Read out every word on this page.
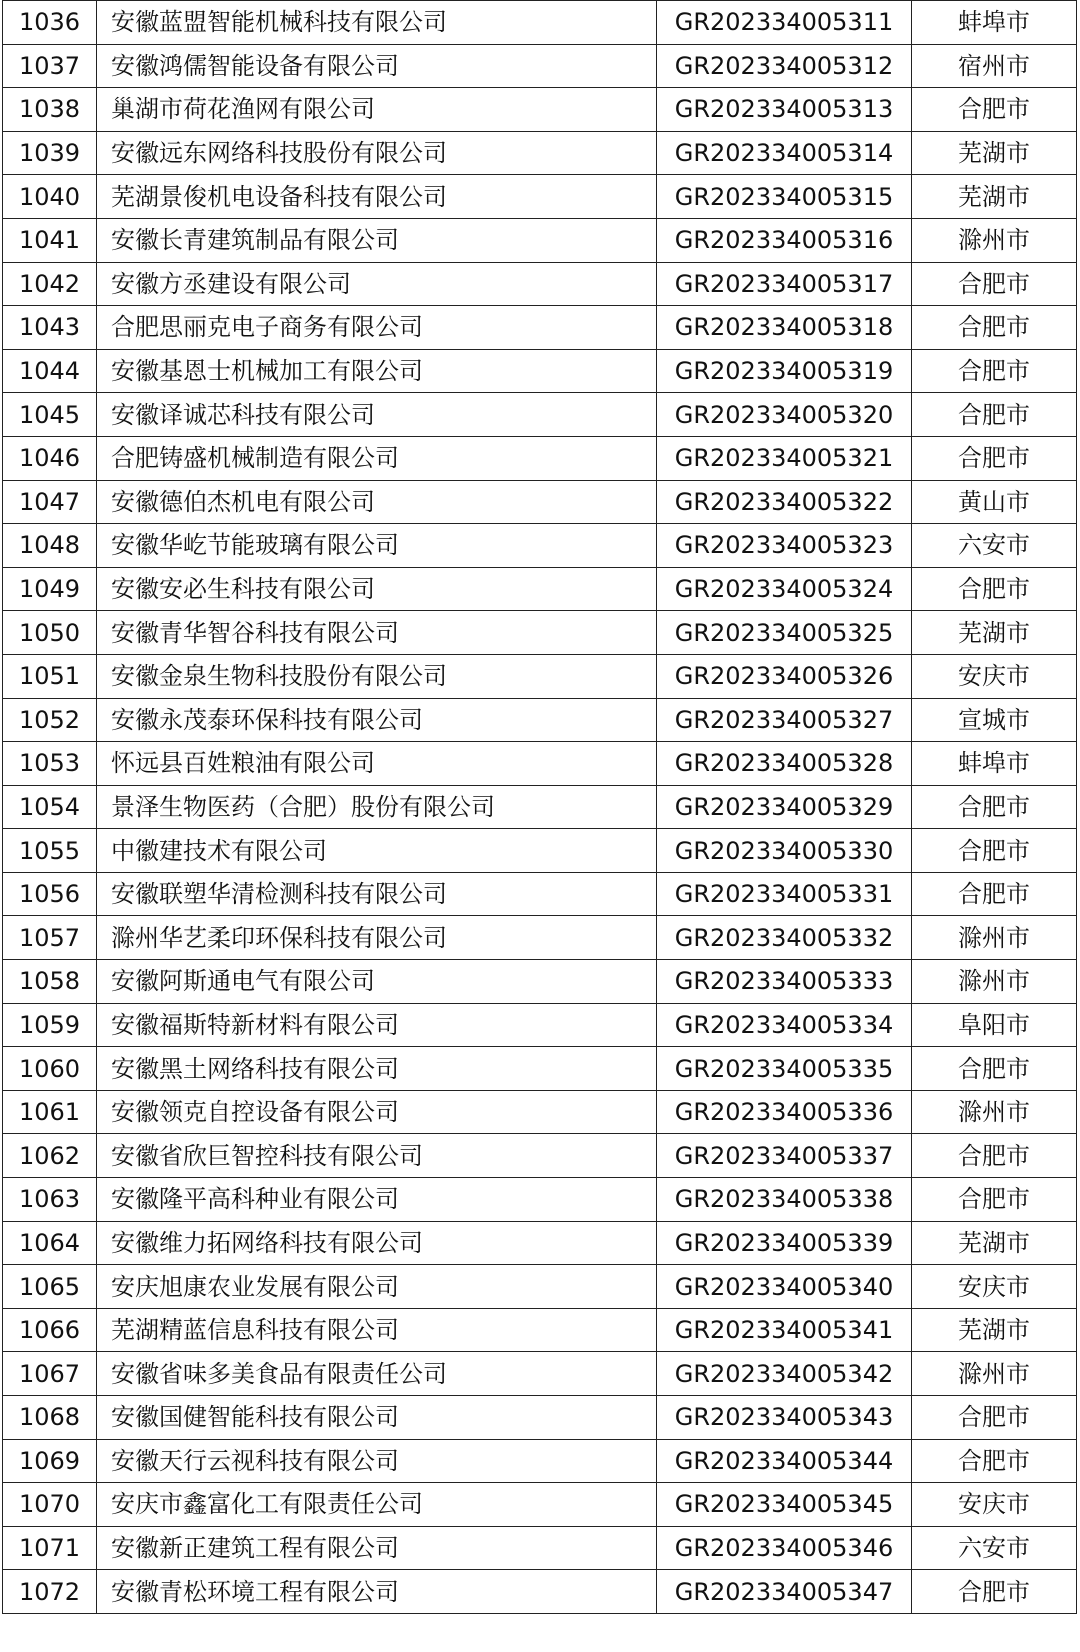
1036	安徽蓝盟智能机械科技有限公司	GR202334005311	蚌埠市
1037	安徽鸿儒智能设备有限公司	GR202334005312	宿州市
1038	巢湖市荷花渔网有限公司	GR202334005313	合肥市
1039	安徽远东网络科技股份有限公司	GR202334005314	芜湖市
1040	芜湖景俊机电设备科技有限公司	GR202334005315	芜湖市
1041	安徽长青建筑制品有限公司	GR202334005316	滁州市
1042	安徽方丞建设有限公司	GR202334005317	合肥市
1043	合肥思丽克电子商务有限公司	GR202334005318	合肥市
1044	安徽基恩士机械加工有限公司	GR202334005319	合肥市
1045	安徽译诚芯科技有限公司	GR202334005320	合肥市
1046	合肥铸盛机械制造有限公司	GR202334005321	合肥市
1047	安徽德伯杰机电有限公司	GR202334005322	黄山市
1048	安徽华屹节能玻璃有限公司	GR202334005323	六安市
1049	安徽安必生科技有限公司	GR202334005324	合肥市
1050	安徽青华智谷科技有限公司	GR202334005325	芜湖市
1051	安徽金泉生物科技股份有限公司	GR202334005326	安庆市
1052	安徽永茂泰环保科技有限公司	GR202334005327	宣城市
1053	怀远县百姓粮油有限公司	GR202334005328	蚌埠市
1054	景泽生物医药（合肥）股份有限公司	GR202334005329	合肥市
1055	中徽建技术有限公司	GR202334005330	合肥市
1056	安徽联塑华清检测科技有限公司	GR202334005331	合肥市
1057	滁州华艺柔印环保科技有限公司	GR202334005332	滁州市
1058	安徽阿斯通电气有限公司	GR202334005333	滁州市
1059	安徽福斯特新材料有限公司	GR202334005334	阜阳市
1060	安徽黑土网络科技有限公司	GR202334005335	合肥市
1061	安徽领克自控设备有限公司	GR202334005336	滁州市
1062	安徽省欣巨智控科技有限公司	GR202334005337	合肥市
1063	安徽隆平高科种业有限公司	GR202334005338	合肥市
1064	安徽维力拓网络科技有限公司	GR202334005339	芜湖市
1065	安庆旭康农业发展有限公司	GR202334005340	安庆市
1066	芜湖精蓝信息科技有限公司	GR202334005341	芜湖市
1067	安徽省味多美食品有限责任公司	GR202334005342	滁州市
1068	安徽国健智能科技有限公司	GR202334005343	合肥市
1069	安徽天行云视科技有限公司	GR202334005344	合肥市
1070	安庆市鑫富化工有限责任公司	GR202334005345	安庆市
1071	安徽新正建筑工程有限公司	GR202334005346	六安市
1072	安徽青松环境工程有限公司	GR202334005347	合肥市
